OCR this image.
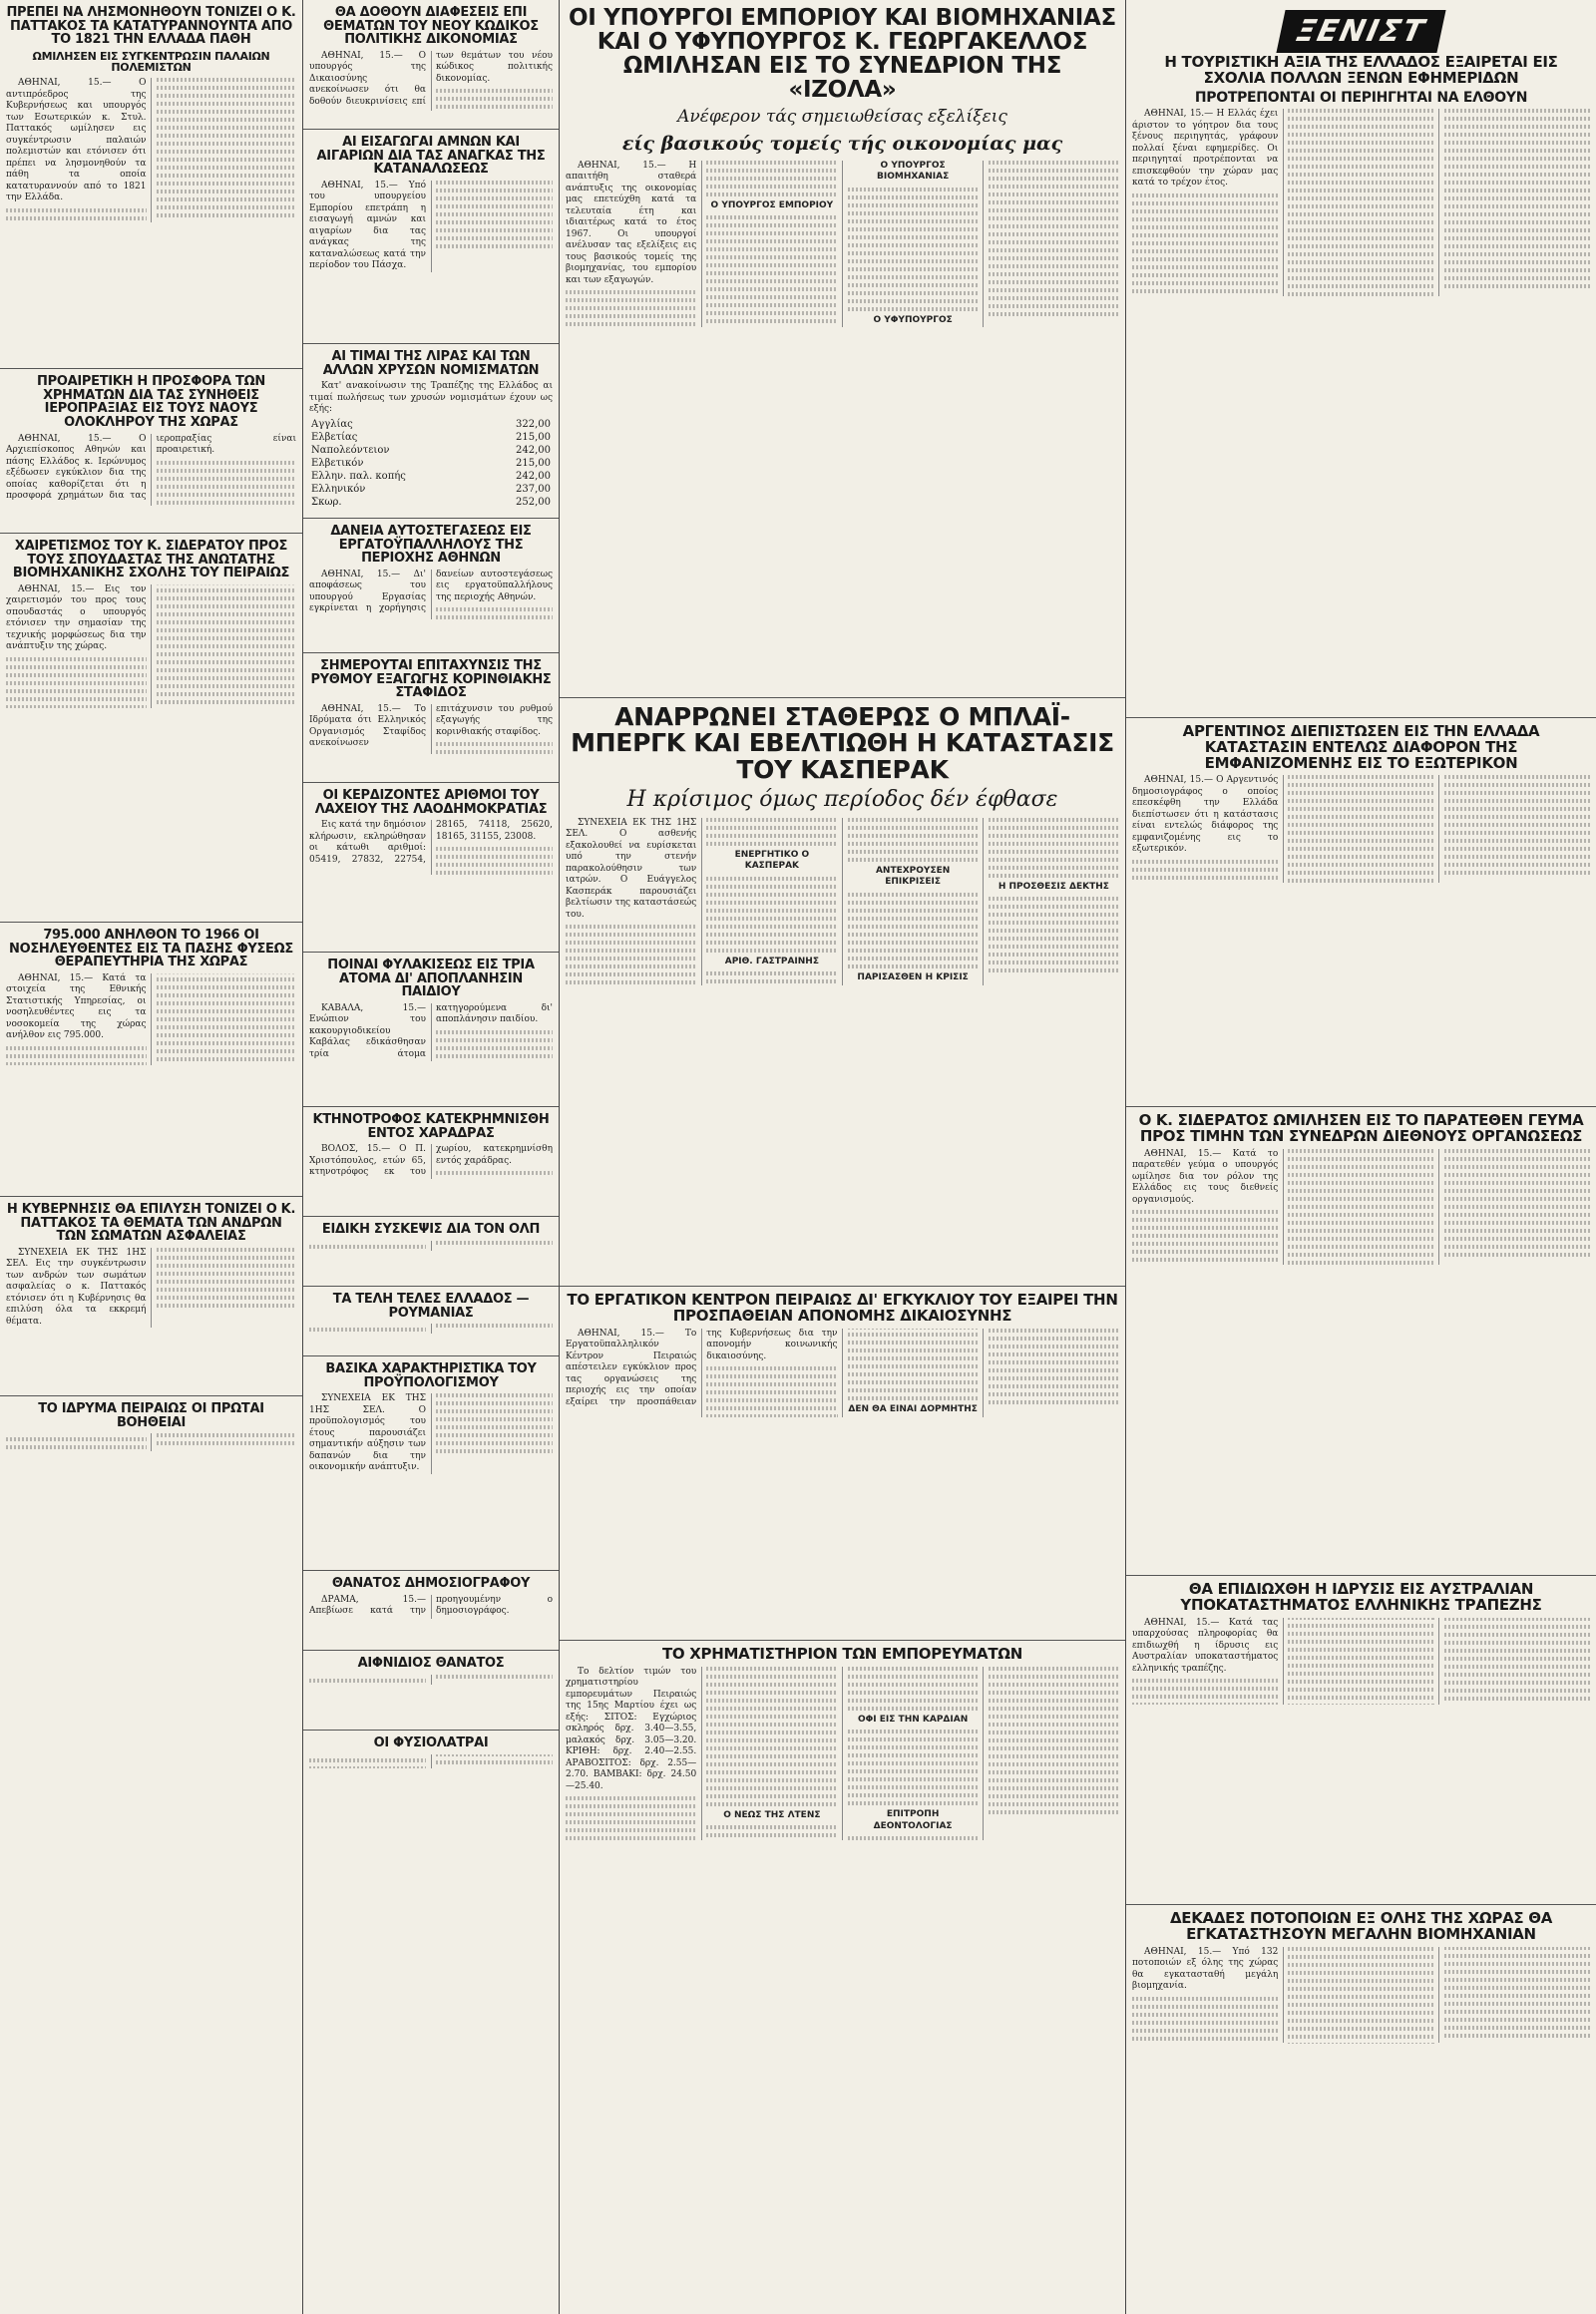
ΠΡΕΠΕΙ ΝΑ ΛΗΣΜΟΝΗΘΟΥΝ ΤΟΝΙΖΕΙ Ο Κ. ΠΑΤΤΑΚΟΣ ΤΑ ΚΑΤΑΤΥΡΑΝΝΟΥΝΤΑ ΑΠΟ ΤΟ 1821 ΤΗΝ ΕΛΛΑΔΑ ΠΑΘΗ
ΩΜΙΛΗΣΕΝ ΕΙΣ ΣΥΓΚΕΝΤΡΩΣΙΝ ΠΑΛΑΙΩΝ ΠΟΛΕΜΙΣΤΩΝ

ΑΘΗΝΑΙ, 15.— Ο αντιπρόεδρος της Κυβερνήσεως και υπουργός των Εσωτερικών κ. Στυλ. Παττακός ωμίλησεν εις συγκέντρωσιν παλαιών πολεμιστών και ετόνισεν ότι πρέπει να λησμονηθούν τα πάθη τα οποία κατατυραννούν από το 1821 την Ελλάδα.

ΠΡΟΑΙΡΕΤΙΚΗ Η ΠΡΟΣΦΟΡΑ ΤΩΝ ΧΡΗΜΑΤΩΝ ΔΙΑ ΤΑΣ ΣΥΝΗΘΕΙΣ ΙΕΡΟΠΡΑΞΙΑΣ ΕΙΣ ΤΟΥΣ ΝΑΟΥΣ ΟΛΟΚΛΗΡΟΥ ΤΗΣ ΧΩΡΑΣ

ΑΘΗΝΑΙ, 15.— Ο Αρχιεπίσκοπος Αθηνών και πάσης Ελλάδος κ. Ιερώνυμος εξέδωσεν εγκύκλιον δια της οποίας καθορίζεται ότι η προσφορά χρημάτων δια τας ιεροπραξίας είναι προαιρετική.

ΧΑΙΡΕΤΙΣΜΟΣ ΤΟΥ Κ. ΣΙΔΕΡΑΤΟΥ ΠΡΟΣ ΤΟΥΣ ΣΠΟΥΔΑΣΤΑΣ ΤΗΣ ΑΝΩΤΑΤΗΣ ΒΙΟΜΗΧΑΝΙΚΗΣ ΣΧΟΛΗΣ ΤΟΥ ΠΕΙΡΑΙΩΣ

ΑΘΗΝΑΙ, 15.— Εις τον χαιρετισμόν του προς τους σπουδαστάς ο υπουργός ετόνισεν την σημασίαν της τεχνικής μορφώσεως δια την ανάπτυξιν της χώρας.

795.000 ΑΝΗΛΘΟΝ ΤΟ 1966 ΟΙ ΝΟΣΗΛΕΥΘΕΝΤΕΣ ΕΙΣ ΤΑ ΠΑΣΗΣ ΦΥΣΕΩΣ ΘΕΡΑΠΕΥΤΗΡΙΑ ΤΗΣ ΧΩΡΑΣ

ΑΘΗΝΑΙ, 15.— Κατά τα στοιχεία της Εθνικής Στατιστικής Υπηρεσίας, οι νοσηλευθέντες εις τα νοσοκομεία της χώρας ανήλθον εις 795.000.

Η ΚΥΒΕΡΝΗΣΙΣ ΘΑ ΕΠΙΛΥΣΗ ΤΟΝΙΖΕΙ Ο Κ. ΠΑΤΤΑΚΟΣ ΤΑ ΘΕΜΑΤΑ ΤΩΝ ΑΝΔΡΩΝ ΤΩΝ ΣΩΜΑΤΩΝ ΑΣΦΑΛΕΙΑΣ

ΣΥΝΕΧΕΙΑ ΕΚ ΤΗΣ 1ΗΣ ΣΕΛ. Εις την συγκέντρωσιν των ανδρών των σωμάτων ασφαλείας ο κ. Παττακός ετόνισεν ότι η Κυβέρνησις θα επιλύση όλα τα εκκρεμή θέματα.

ΤΟ ΙΔΡΥΜΑ ΠΕΙΡΑΙΩΣ ΟΙ ΠΡΩΤΑΙ ΒΟΗΘΕΙΑΙ
ΘΑ ΔΟΘΟΥΝ ΔΙΑΦΕΣΕΙΣ ΕΠΙ ΘΕΜΑΤΩΝ ΤΟΥ ΝΕΟΥ ΚΩΔΙΚΟΣ ΠΟΛΙΤΙΚΗΣ ΔΙΚΟΝΟΜΙΑΣ

ΑΘΗΝΑΙ, 15.— Ο υπουργός της Δικαιοσύνης ανεκοίνωσεν ότι θα δοθούν διευκρινίσεις επί των θεμάτων του νέου κώδικος πολιτικής δικονομίας.

ΑΙ ΕΙΣΑΓΩΓΑΙ ΑΜΝΩΝ ΚΑΙ ΑΙΓΑΡΙΩΝ ΔΙΑ ΤΑΣ ΑΝΑΓΚΑΣ ΤΗΣ ΚΑΤΑΝΑΛΩΣΕΩΣ

ΑΘΗΝΑΙ, 15.— Υπό του υπουργείου Εμπορίου επετράπη η εισαγωγή αμνών και αιγαρίων δια τας ανάγκας της καταναλώσεως κατά την περίοδον του Πάσχα.

ΑΙ ΤΙΜΑΙ ΤΗΣ ΛΙΡΑΣ ΚΑΙ ΤΩΝ ΑΛΛΩΝ ΧΡΥΣΩΝ ΝΟΜΙΣΜΑΤΩΝ

Κατ' ανακοίνωσιν της Τραπέζης της Ελλάδος αι τιμαί πωλήσεως των χρυσών νομισμάτων έχουν ως εξής:

Αγγλίας	322,00
Ελβετίας	215,00
Ναπολεόντειον	242,00
Ελβετικόν	215,00
Ελλην. παλ. κοπής	242,00
Ελληνικόν	237,00
Σκωρ.	252,00
ΔΑΝΕΙΑ ΑΥΤΟΣΤΕΓΑΣΕΩΣ ΕΙΣ ΕΡΓΑΤΟΫΠΑΛΛΗΛΟΥΣ ΤΗΣ ΠΕΡΙΟΧΗΣ ΑΘΗΝΩΝ

ΑΘΗΝΑΙ, 15.— Δι' αποφάσεως του υπουργού Εργασίας εγκρίνεται η χορήγησις δανείων αυτοστεγάσεως εις εργατοϋπαλλήλους της περιοχής Αθηνών.

ΣΗΜΕΡΟΥΤΑΙ ΕΠΙΤΑΧΥΝΣΙΣ ΤΗΣ ΡΥΘΜΟΥ ΕΞΑΓΩΓΗΣ ΚΟΡΙΝΘΙΑΚΗΣ ΣΤΑΦΙΔΟΣ

ΑΘΗΝΑΙ, 15.— Το Ιδρύματα ότι Ελληνικός Οργανισμός Σταφίδος ανεκοίνωσεν επιτάχυνσιν του ρυθμού εξαγωγής της κορινθιακής σταφίδος.

ΟΙ ΚΕΡΔΙΖΟΝΤΕΣ ΑΡΙΘΜΟΙ ΤΟΥ ΛΑΧΕΙΟΥ ΤΗΣ ΛΑΟΔΗΜΟΚΡΑΤΙΑΣ

Εις κατά την δημόσιον κλήρωσιν, εκληρώθησαν οι κάτωθι αριθμοί: 05419, 27832, 22754, 28165, 74118, 25620, 18165, 31155, 23008.

ΠΟΙΝΑΙ ΦΥΛΑΚΙΣΕΩΣ ΕΙΣ ΤΡΙΑ ΑΤΟΜΑ ΔΙ' ΑΠΟΠΛΑΝΗΣΙΝ ΠΑΙΔΙΟΥ

ΚΑΒΑΛΑ, 15.— Ενώπιον του κακουργιοδικείου Καβάλας εδικάσθησαν τρία άτομα κατηγορούμενα δι' αποπλάνησιν παιδίου.

ΚΤΗΝΟΤΡΟΦΟΣ ΚΑΤΕΚΡΗΜΝΙΣΘΗ ΕΝΤΟΣ ΧΑΡΑΔΡΑΣ

ΒΟΛΟΣ, 15.— Ο Π. Χριστόπουλος, ετών 65, κτηνοτρόφος εκ του χωρίου, κατεκρημνίσθη εντός χαράδρας.

ΕΙΔΙΚΗ ΣΥΣΚΕΨΙΣ ΔΙΑ ΤΟΝ ΟΛΠ
ΤΑ ΤΕΛΗ ΤΕΛΕΣ ΕΛΛΑΔΟΣ — ΡΟΥΜΑΝΙΑΣ
ΒΑΣΙΚΑ ΧΑΡΑΚΤΗΡΙΣΤΙΚΑ ΤΟΥ ΠΡΟΫΠΟΛΟΓΙΣΜΟΥ

ΣΥΝΕΧΕΙΑ ΕΚ ΤΗΣ 1ΗΣ ΣΕΛ. Ο προϋπολογισμός του έτους παρουσιάζει σημαντικήν αύξησιν των δαπανών δια την οικονομικήν ανάπτυξιν.

ΘΑΝΑΤΟΣ ΔΗΜΟΣΙΟΓΡΑΦΟΥ

ΔΡΑΜΑ, 15.— Απεβίωσε κατά την προηγουμένην ο δημοσιογράφος.

ΑΙΦΝΙΔΙΟΣ ΘΑΝΑΤΟΣ
ΟΙ ΦΥΣΙΟΛΑΤΡΑΙ
ΟΙ ΥΠΟΥΡΓΟΙ ΕΜΠΟΡΙΟΥ ΚΑΙ ΒΙΟΜΗΧΑΝΙΑΣ ΚΑΙ Ο ΥΦΥΠΟΥΡΓΟΣ Κ. ΓΕΩΡΓΑΚΕΛΛΟΣ ΩΜΙΛΗΣΑΝ ΕΙΣ ΤΟ ΣΥΝΕΔΡΙΟΝ ΤΗΣ «ΙΖΟΛΑ»
Ανέφερον τάς σημειωθείσας εξελίξεις
είς βασικούς τομείς τής οικονομίας μας

ΑΘΗΝΑΙ, 15.— Η απαιτήθη σταθερά ανάπτυξις της οικονομίας μας επετεύχθη κατά τα τελευταία έτη και ιδιαιτέρως κατά το έτος 1967. Οι υπουργοί ανέλυσαν τας εξελίξεις εις τους βασικούς τομείς της βιομηχανίας, του εμπορίου και των εξαγωγών.

Ο ΥΠΟΥΡΓΟΣ ΕΜΠΟΡΙΟΥ
Ο ΥΠΟΥΡΓΟΣ ΒΙΟΜΗΧΑΝΙΑΣ
Ο ΥΦΥΠΟΥΡΓΟΣ
ΑΝΑΡΡΩΝΕΙ ΣΤΑΘΕΡΩΣ Ο ΜΠΛΑΪ-ΜΠΕΡΓΚ ΚΑΙ ΕΒΕΛΤΙΩΘΗ Η ΚΑΤΑΣΤΑΣΙΣ ΤΟΥ ΚΑΣΠΕΡΑΚ
Η κρίσιμος όμως περίοδος δέν έφθασε

ΣΥΝΕΧΕΙΑ ΕΚ ΤΗΣ 1ΗΣ ΣΕΛ. Ο ασθενής εξακολουθεί να ευρίσκεται υπό την στενήν παρακολούθησιν των ιατρών. Ο Ευάγγελος Κασπεράκ παρουσιάζει βελτίωσιν της καταστάσεώς του.

ΕΝΕΡΓΗΤΙΚΟ Ο ΚΑΣΠΕΡΑΚ
ΑΡΙΘ. ΓΑΣΤΡΑΙΝΗΣ
ΑΝΤΕΧΡΟΥΣΕΝ ΕΠΙΚΡΙΣΕΙΣ
ΠΑΡΙΣΑΣΘΕΝ Η ΚΡΙΣΙΣ
Η ΠΡΟΣΘΕΣΙΣ ΔΕΚΤΗΣ
ΤΟ ΕΡΓΑΤΙΚΟΝ ΚΕΝΤΡΟΝ ΠΕΙΡΑΙΩΣ ΔΙ' ΕΓΚΥΚΛΙΟΥ ΤΟΥ ΕΞΑΙΡΕΙ ΤΗΝ ΠΡΟΣΠΑΘΕΙΑΝ ΑΠΟΝΟΜΗΣ ΔΙΚΑΙΟΣΥΝΗΣ

ΑΘΗΝΑΙ, 15.— Το Εργατοϋπαλληλικόν Κέντρον Πειραιώς απέστειλεν εγκύκλιον προς τας οργανώσεις της περιοχής εις την οποίαν εξαίρει την προσπάθειαν της Κυβερνήσεως δια την απονομήν κοινωνικής δικαιοσύνης.

ΔΕΝ ΘΑ ΕΙΝΑΙ ΔΟΡΜΗΤΗΣ
ΤΟ ΧΡΗΜΑΤΙΣΤΗΡΙΟΝ ΤΩΝ ΕΜΠΟΡΕΥΜΑΤΩΝ

Το δελτίον τιμών του χρηματιστηρίου εμπορευμάτων Πειραιώς της 15ης Μαρτίου έχει ως εξής: ΣΙΤΟΣ: Εγχώριος σκληρός δρχ. 3.40—3.55, μαλακός δρχ. 3.05—3.20. ΚΡΙΘΗ: δρχ. 2.40—2.55. ΑΡΑΒΟΣΙΤΟΣ: δρχ. 2.55—2.70. ΒΑΜΒΑΚΙ: δρχ. 24.50—25.40.

Ο ΝΕΩΣ ΤΗΣ ΛΤΕΝΣ
ΟΦΙ ΕΙΣ ΤΗΝ ΚΑΡΔΙΑΝ
ΕΠΙΤΡΟΠΗ ΔΕΟΝΤΟΛΟΓΙΑΣ
ΞΕΝΙΣΤ
Η ΤΟΥΡΙΣΤΙΚΗ ΑΞΙΑ ΤΗΣ ΕΛΛΑΔΟΣ ΕΞΑΙΡΕΤΑΙ ΕΙΣ ΣΧΟΛΙΑ ΠΟΛΛΩΝ ΞΕΝΩΝ ΕΦΗΜΕΡΙΔΩΝ
ΠΡΟΤΡΕΠΟΝΤΑΙ ΟΙ ΠΕΡΙΗΓΗΤΑΙ ΝΑ ΕΛΘΟΥΝ

ΑΘΗΝΑΙ, 15.— Η Ελλάς έχει άριστον το γόητρον δια τους ξένους περιηγητάς, γράφουν πολλαί ξέναι εφημερίδες. Οι περιηγηταί προτρέπονται να επισκεφθούν την χώραν μας κατά το τρέχον έτος.

ΑΡΓΕΝΤΙΝΟΣ ΔΙΕΠΙΣΤΩΣΕΝ ΕΙΣ ΤΗΝ ΕΛΛΑΔΑ ΚΑΤΑΣΤΑΣΙΝ ΕΝΤΕΛΩΣ ΔΙΑΦΟΡΟΝ ΤΗΣ ΕΜΦΑΝΙΖΟΜΕΝΗΣ ΕΙΣ ΤΟ ΕΞΩΤΕΡΙΚΟΝ

ΑΘΗΝΑΙ, 15.— Ο Αργεντινός δημοσιογράφος ο οποίος επεσκέφθη την Ελλάδα διεπίστωσεν ότι η κατάστασις είναι εντελώς διάφορος της εμφανιζομένης εις το εξωτερικόν.

Ο Κ. ΣΙΔΕΡΑΤΟΣ ΩΜΙΛΗΣΕΝ ΕΙΣ ΤΟ ΠΑΡΑΤΕΘΕΝ ΓΕΥΜΑ ΠΡΟΣ ΤΙΜΗΝ ΤΩΝ ΣΥΝΕΔΡΩΝ ΔΙΕΘΝΟΥΣ ΟΡΓΑΝΩΣΕΩΣ

ΑΘΗΝΑΙ, 15.— Κατά το παρατεθέν γεύμα ο υπουργός ωμίλησε δια τον ρόλον της Ελλάδος εις τους διεθνείς οργανισμούς.

ΘΑ ΕΠΙΔΙΩΧΘΗ Η ΙΔΡΥΣΙΣ ΕΙΣ ΑΥΣΤΡΑΛΙΑΝ ΥΠΟΚΑΤΑΣΤΗΜΑΤΟΣ ΕΛΛΗΝΙΚΗΣ ΤΡΑΠΕΖΗΣ

ΑΘΗΝΑΙ, 15.— Κατά τας υπαρχούσας πληροφορίας θα επιδιωχθή η ίδρυσις εις Αυστραλίαν υποκαταστήματος ελληνικής τραπέζης.

ΔΕΚΑΔΕΣ ΠΟΤΟΠΟΙΩΝ ΕΞ ΟΛΗΣ ΤΗΣ ΧΩΡΑΣ ΘΑ ΕΓΚΑΤΑΣΤΗΣΟΥΝ ΜΕΓΑΛΗΝ ΒΙΟΜΗΧΑΝΙΑΝ

ΑΘΗΝΑΙ, 15.— Υπό 132 ποτοποιών εξ όλης της χώρας θα εγκατασταθή μεγάλη βιομηχανία.
